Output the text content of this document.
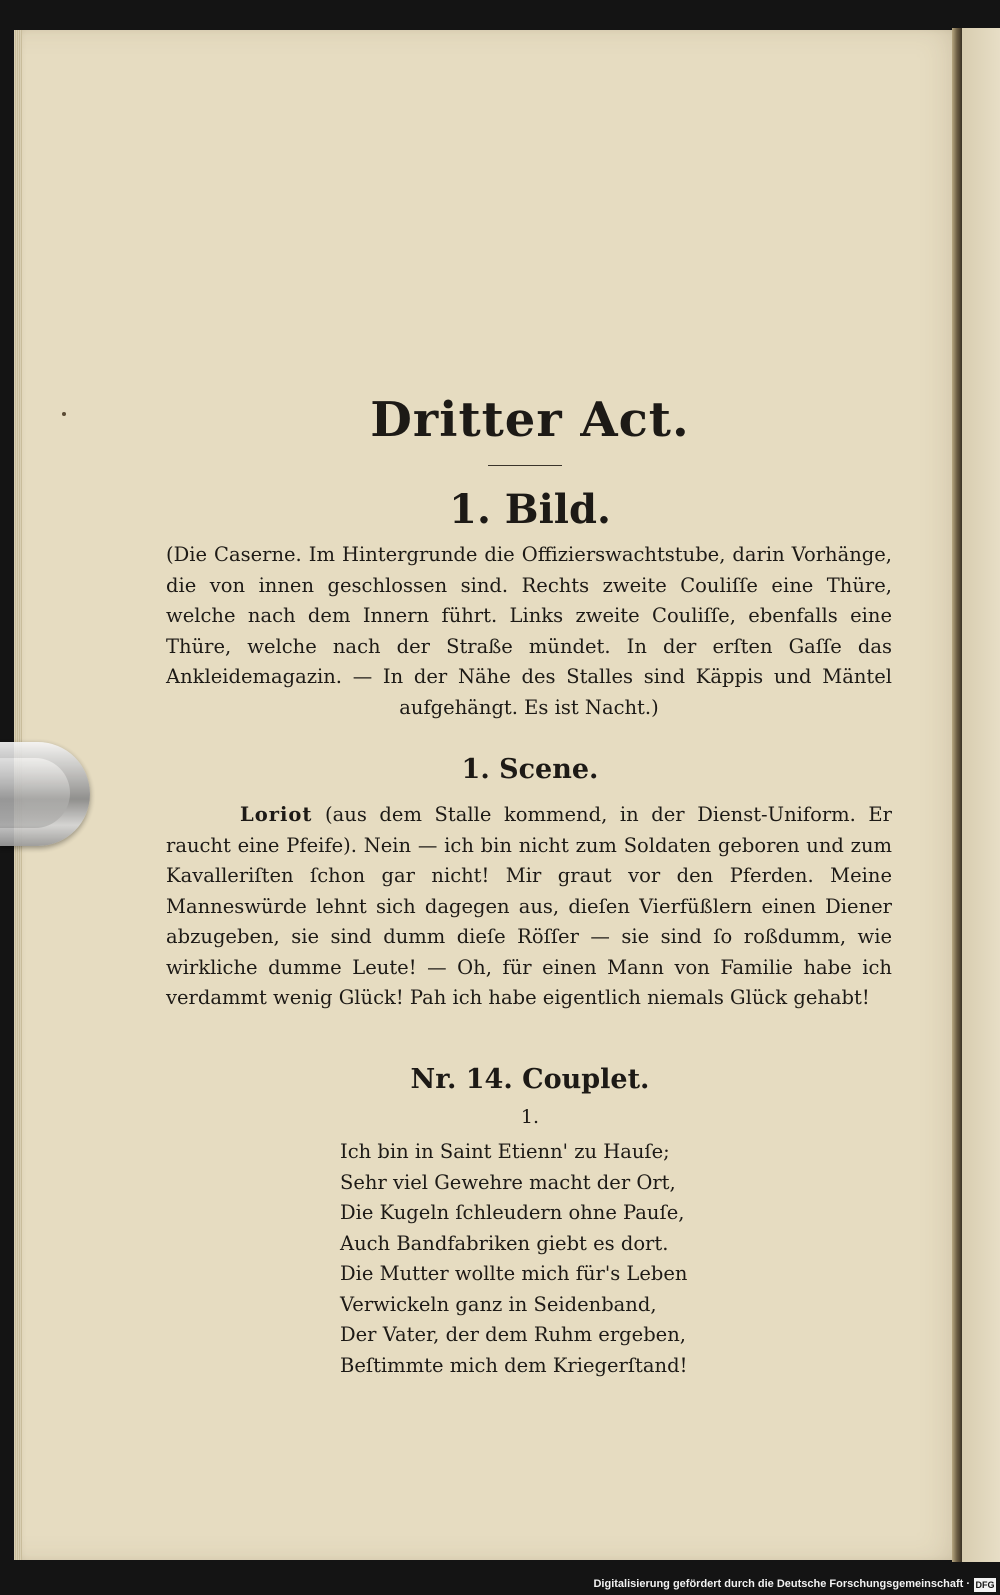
Dritter Act.
1. Bild.
(Die Caserne. Im Hintergrunde die Offizierswachtstube, darin Vorhänge, die von innen geschlossen sind. Rechts zweite Couliſſe eine Thüre, welche nach dem Innern führt. Links zweite Couliſſe, ebenfalls eine Thüre, welche nach der Straße mündet. In der erſten Gaſſe das Ankleidemagazin. — In der Nähe des Stalles sind Käppis und Mäntel aufgehängt. Es ist Nacht.)
1. Scene.
Loriot (aus dem Stalle kommend, in der Dienst-Uniform. Er raucht eine Pfeife). Nein — ich bin nicht zum Soldaten geboren und zum Kavalleriſten ſchon gar nicht! Mir graut vor den Pferden. Meine Manneswürde lehnt sich dagegen aus, dieſen Vierfüßlern einen Diener abzugeben, sie sind dumm dieſe Röſſer — sie sind ſo roßdumm, wie wirkliche dumme Leute! — Oh, für einen Mann von Familie habe ich verdammt wenig Glück! Pah ich habe eigentlich niemals Glück gehabt!
Nr. 14. Couplet.
1.
Ich bin in Saint Etienn' zu Hauſe;
Sehr viel Gewehre macht der Ort,
Die Kugeln ſchleudern ohne Pauſe,
Auch Bandfabriken giebt es dort.
Die Mutter wollte mich für's Leben
Verwickeln ganz in Seidenband,
Der Vater, der dem Ruhm ergeben,
Beſtimmte mich dem Kriegerſtand!
Digitalisierung gefördert durch die Deutsche Forschungsgemeinschaft · DFG
